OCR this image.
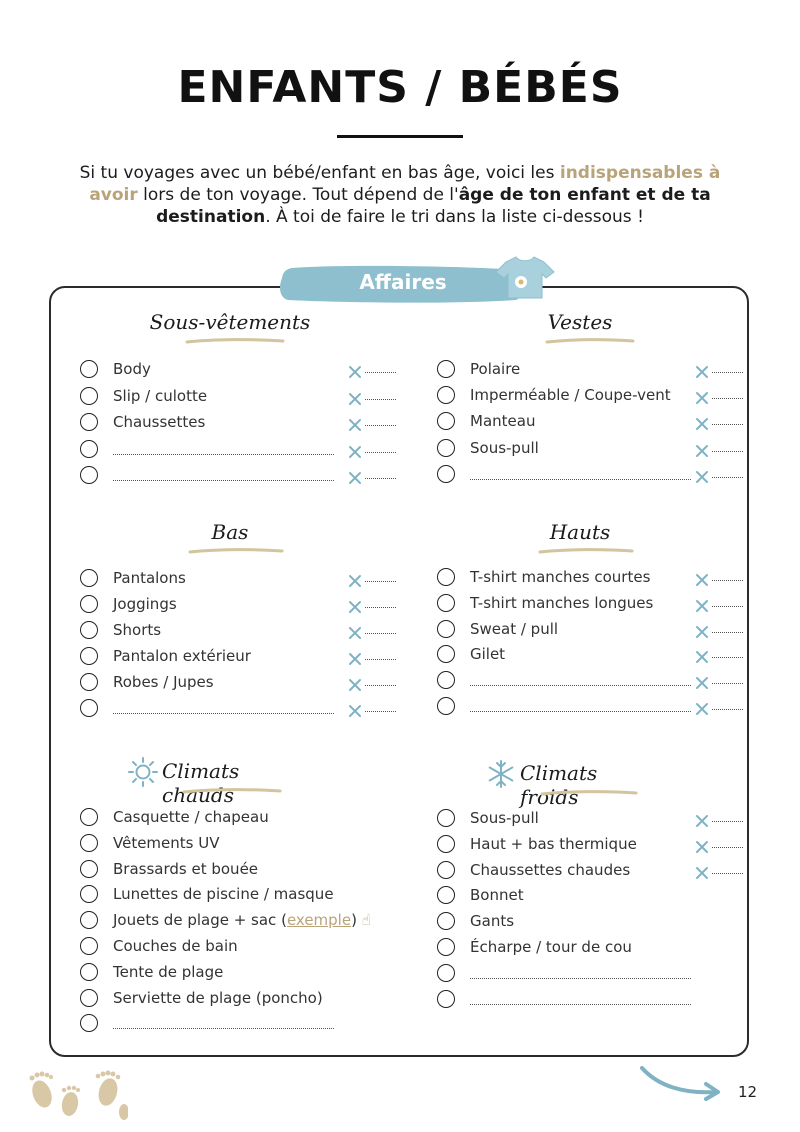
ENFANTS / BÉBÉS

Si tu voyages avec un bébé/enfant en bas âge, voici les indispensables à avoir lors de ton voyage. Tout dépend de l'âge de ton enfant et de ta destination. À toi de faire le tri dans la liste ci-dessous !

Affaires
Sous-vêtements	Vestes
Bas	Hauts
Climats chauds
Climats froids
Body
Slip / culotte
Chaussettes
Polaire
Imperméable / Coupe-vent
Manteau
Sous-pull
Pantalons
Joggings
Shorts
Pantalon extérieur
Robes / Jupes
T-shirt manches courtes
T-shirt manches longues
Sweat / pull
Gilet
Casquette / chapeau
Vêtements UV
Brassards et bouée
Lunettes de piscine / masque
Jouets de plage + sac (exemple) ☝
Couches de bain
Tente de plage
Serviette de plage (poncho)
Sous-pull
Haut + bas thermique
Chaussettes chaudes
Bonnet
Gants
Écharpe / tour de cou
12
